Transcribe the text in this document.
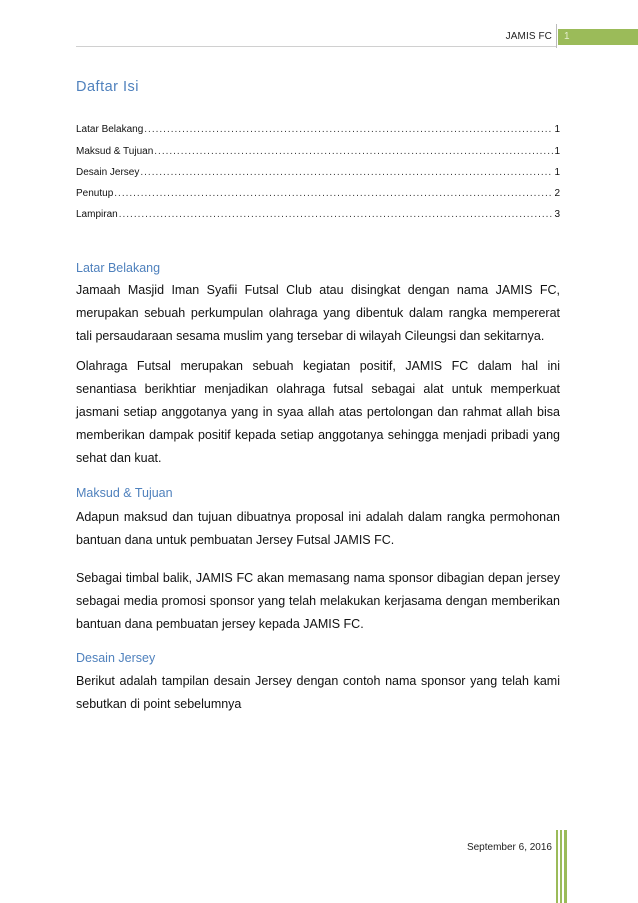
JAMIS FC 1
Daftar Isi
Latar Belakang .....	1
Maksud & Tujuan .....	1
Desain Jersey .....	1
Penutup .....	2
Lampiran .....	3
Latar Belakang
Jamaah Masjid Iman Syafii Futsal Club atau disingkat dengan nama JAMIS FC, merupakan sebuah perkumpulan olahraga yang dibentuk dalam rangka mempererat tali persaudaraan sesama muslim yang tersebar di wilayah Cileungsi dan sekitarnya.
Olahraga Futsal merupakan sebuah kegiatan positif, JAMIS FC dalam hal ini senantiasa berikhtiar menjadikan olahraga futsal sebagai alat untuk memperkuat jasmani setiap anggotanya yang in syaa allah atas pertolongan dan rahmat allah bisa memberikan dampak positif kepada setiap anggotanya sehingga menjadi pribadi yang sehat dan kuat.
Maksud & Tujuan
Adapun maksud dan tujuan dibuatnya proposal ini adalah dalam rangka permohonan bantuan dana untuk pembuatan Jersey Futsal JAMIS FC.
Sebagai timbal balik, JAMIS FC akan memasang nama sponsor dibagian depan jersey sebagai media promosi sponsor yang telah melakukan kerjasama dengan memberikan bantuan dana pembuatan jersey kepada JAMIS FC.
Desain Jersey
Berikut adalah tampilan desain Jersey dengan contoh nama sponsor yang telah kami sebutkan di point sebelumnya
September 6, 2016
